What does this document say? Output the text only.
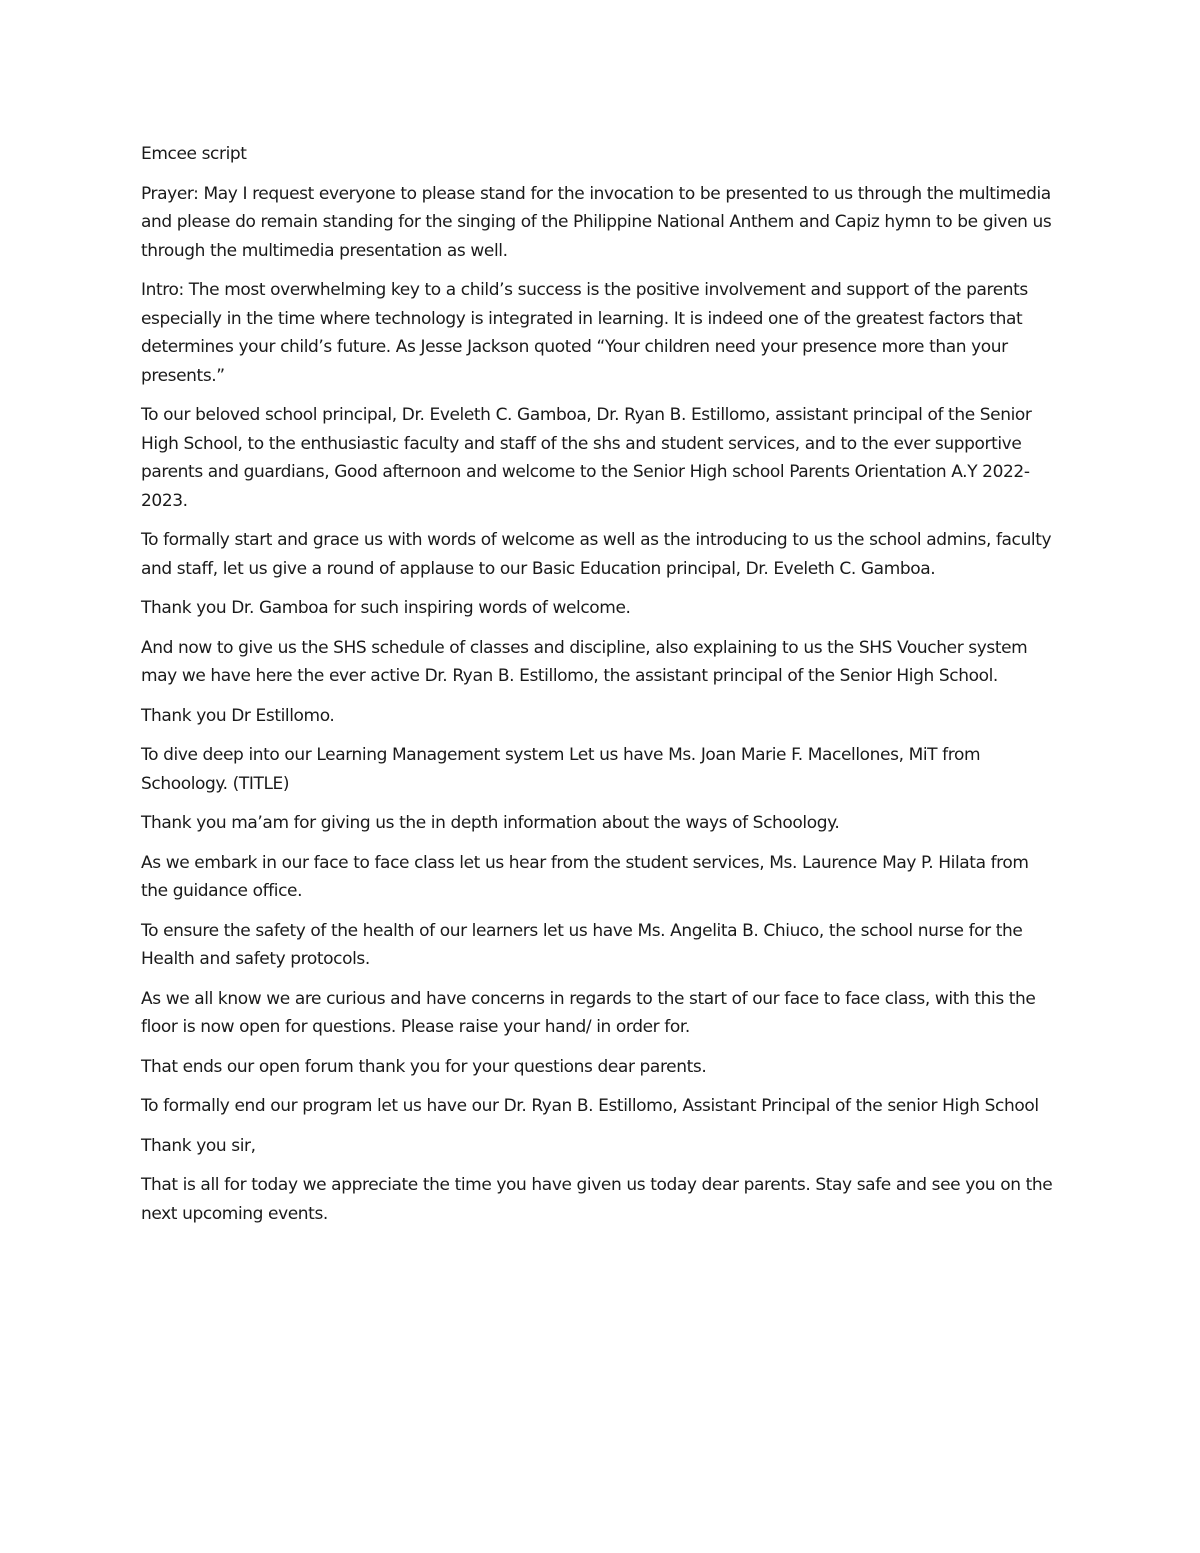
Emcee script

Prayer: May I request everyone to please stand for the invocation to be presented to us through the multimedia and please do remain standing for the singing of the Philippine National Anthem and Capiz hymn to be given us through the multimedia presentation as well.

Intro: The most overwhelming key to a child’s success is the positive involvement and support of the parents especially in the time where technology is integrated in learning. It is indeed one of the greatest factors that determines your child’s future. As Jesse Jackson quoted “Your children need your presence more than your presents.”

To our beloved school principal, Dr. Eveleth C. Gamboa, Dr. Ryan B. Estillomo, assistant principal of the Senior High School, to the enthusiastic faculty and staff of the shs and student services, and to the ever supportive parents and guardians, Good afternoon and welcome to the Senior High school Parents Orientation A.Y 2022-2023.

To formally start and grace us with words of welcome as well as the introducing to us the school admins, faculty and staff, let us give a round of applause to our Basic Education principal, Dr. Eveleth C. Gamboa.

Thank you Dr. Gamboa for such inspiring words of welcome.

And now to give us the SHS schedule of classes and discipline, also explaining to us the SHS Voucher system may we have here the ever active Dr. Ryan B. Estillomo, the assistant principal of the Senior High School.

Thank you Dr Estillomo.

To dive deep into our Learning Management system Let us have Ms. Joan Marie F. Macellones, MiT from Schoology. (TITLE)

Thank you ma’am for giving us the in depth information about the ways of Schoology.

As we embark in our face to face class let us hear from the student services, Ms. Laurence May P. Hilata from the guidance office.

To ensure the safety of the health of our learners let us have Ms. Angelita B. Chiuco, the school nurse for the Health and safety protocols.

As we all know we are curious and have concerns in regards to the start of our face to face class, with this the floor is now open for questions. Please raise your hand/ in order for.

That ends our open forum thank you for your questions dear parents.

To formally end our program let us have our Dr. Ryan B. Estillomo, Assistant Principal of the senior High School

Thank you sir,

That is all for today we appreciate the time you have given us today dear parents. Stay safe and see you on the next upcoming events.
